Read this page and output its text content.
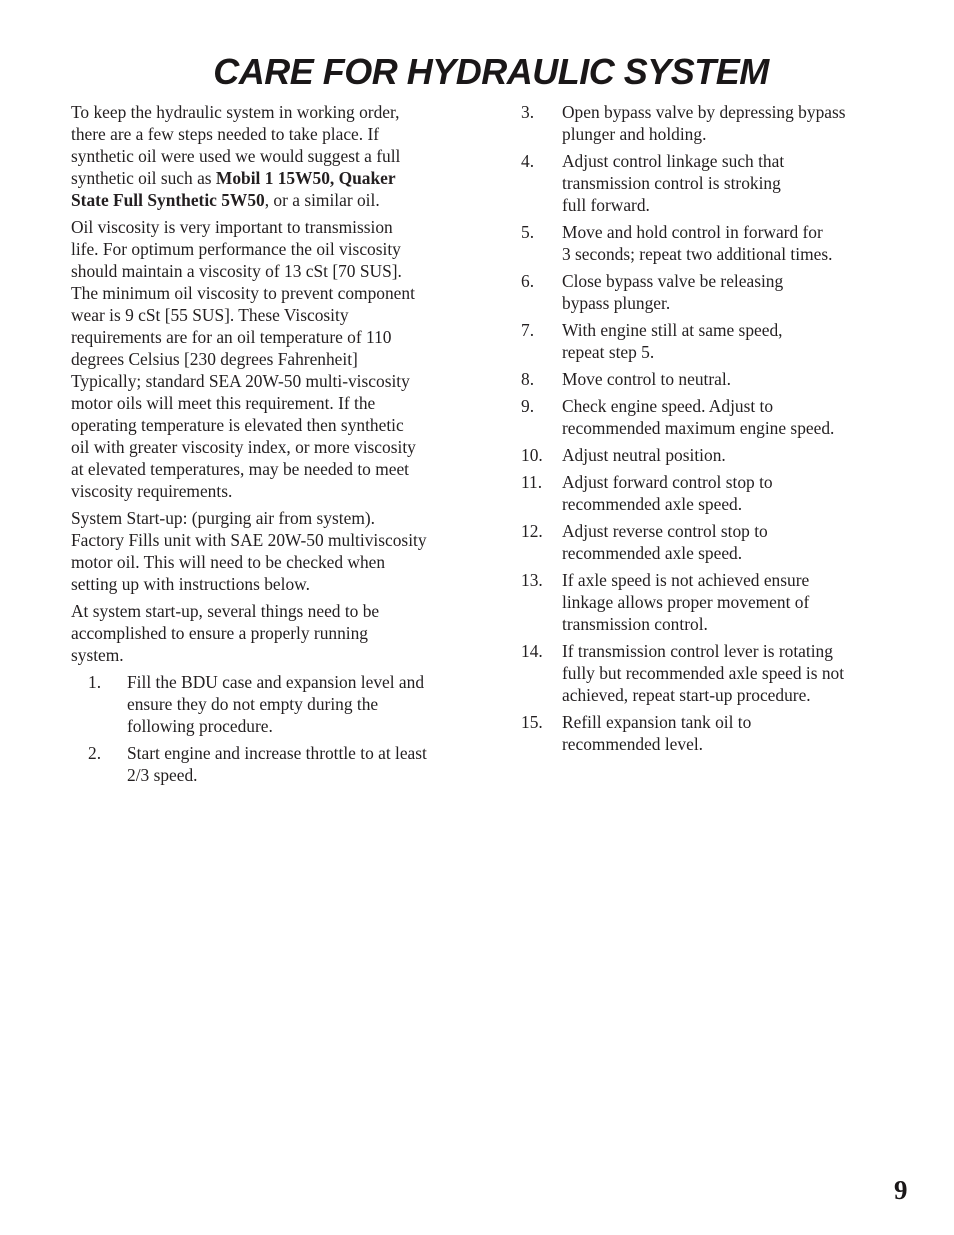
CARE FOR HYDRAULIC SYSTEM

To keep the hydraulic system in working order,
there are a few steps needed to take place. If
synthetic oil were used we would suggest a full
synthetic oil such as Mobil 1 15W50, Quaker
State Full Synthetic 5W50, or a similar oil.

Oil viscosity is very important to transmission
life. For optimum performance the oil viscosity
should maintain a viscosity of 13 cSt [70 SUS].
The minimum oil viscosity to prevent component
wear is 9 cSt [55 SUS]. These Viscosity
requirements are for an oil temperature of 110
degrees Celsius [230 degrees Fahrenheit]
Typically; standard SEA 20W-50 multi-viscosity
motor oils will meet this requirement. If the
operating temperature is elevated then synthetic
oil with greater viscosity index, or more viscosity
at elevated temperatures, may be needed to meet
viscosity requirements.

System Start-up: (purging air from system).
Factory Fills unit with SAE 20W-50 multiviscosity
motor oil. This will need to be checked when
setting up with instructions below.

At system start-up, several things need to be
accomplished to ensure a properly running
system.

1.	Fill the BDU case and expansion level and
ensure they do not empty during the
following procedure.
2.	Start engine and increase throttle to at least
2/3 speed.
3.	Open bypass valve by depressing bypass
plunger and holding.
4.	Adjust control linkage such that
transmission control is stroking
full forward.
5.	Move and hold control in forward for
3 seconds; repeat two additional times.
6.	Close bypass valve be releasing
bypass plunger.
7.	With engine still at same speed,
repeat step 5.
8.	Move control to neutral.
9.	Check engine speed. Adjust to
recommended maximum engine speed.
10.	Adjust neutral position.
11.	Adjust forward control stop to
recommended axle speed.
12.	Adjust reverse control stop to
recommended axle speed.
13.	If axle speed is not achieved ensure
linkage allows proper movement of
transmission control.
14.	If transmission control lever is rotating
fully but recommended axle speed is not
achieved, repeat start-up procedure.
15.	Refill expansion tank oil to
recommended level.
9
